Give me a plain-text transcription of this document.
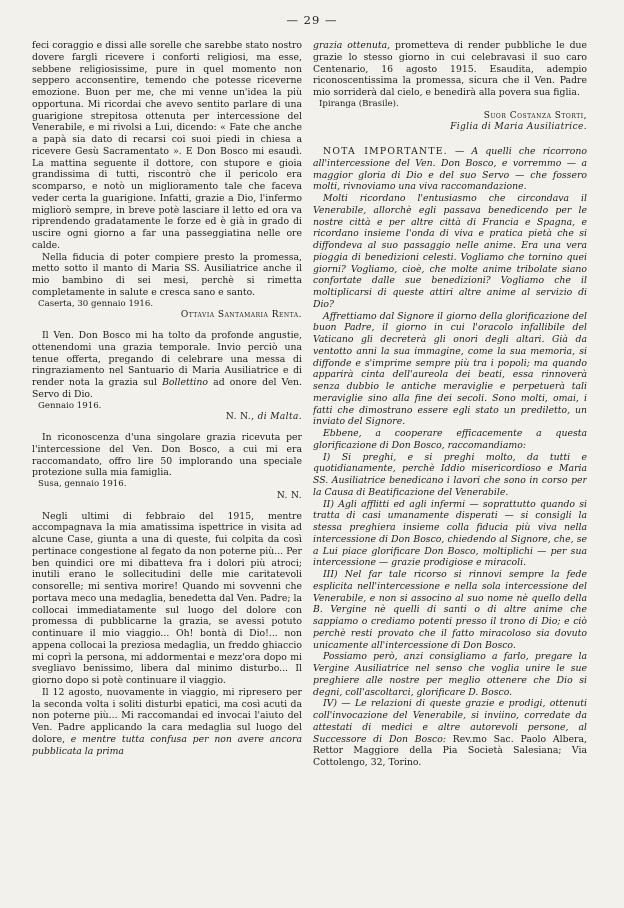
— 29 —

feci coraggio e dissi alle sorelle che sarebbe stato nostro dovere fargli ricevere i conforti religiosi, ma esse, sebbene religiosissime, pure in quel momento non seppero acconsentire, temendo che potesse riceverne emozione. Buon per me, che mi venne un'idea la più opportuna. Mi ricordai che avevo sentito parlare di una guarigione strepitosa ottenuta per intercessione del Venerabile, e mi rivolsi a Lui, dicendo: « Fate che anche a papà sia dato di recarsi coi suoi piedi in chiesa a ricevere Gesù Sacramentato ». E Don Bosco mi esaudì. La mattina seguente il dottore, con stupore e gioia grandissima di tutti, riscontrò che il pericolo era scomparso, e notò un miglioramento tale che faceva veder certa la guarigione. Infatti, grazie a Dio, l'infermo migliorò sempre, in breve potè lasciare il letto ed ora va riprendendo gradatamente le forze ed è già in grado di uscire ogni giorno a far una passeggiatina nelle ore calde.

Nella fiducia di poter compiere presto la promessa, metto sotto il manto di Maria SS. Ausiliatrice anche il mio bambino di sei mesi, perchè si rimetta completamente in salute e cresca sano e santo.

Caserta, 30 gennaio 1916.

Ottavia Santamaria Renta.

Il Ven. Don Bosco mi ha tolto da profonde angustie, ottenendomi una grazia temporale. Invio perciò una tenue offerta, pregando di celebrare una messa di ringraziamento nel Santuario di Maria Ausiliatrice e di render nota la grazia sul Bollettino ad onore del Ven. Servo di Dio.

Gennaio 1916.

N. N., di Malta.

In riconoscenza d'una singolare grazia ricevuta per l'intercessione del Ven. Don Bosco, a cui mi era raccomandato, offro lire 50 implorando una speciale protezione sulla mia famiglia.

Susa, gennaio 1916.

N. N.

Negli ultimi di febbraio del 1915, mentre accompagnava la mia amatissima ispettrice in visita ad alcune Case, giunta a una di queste, fui colpita da così pertinace congestione al fegato da non poterne più... Per ben quindici ore mi dibatteva fra i dolori più atroci; inutili erano le sollecitudini delle mie caritatevoli consorelle; mi sentiva morire! Quando mi sovvenni che portava meco una medaglia, benedetta dal Ven. Padre; la collocai immediatamente sul luogo del dolore con promessa di pubblicarne la grazia, se avessi potuto continuare il mio viaggio... Oh! bontà di Dio!... non appena collocai la preziosa medaglia, un freddo ghiaccio mi coprì la persona, mi addormentai e mezz'ora dopo mi svegliavo benissimo, libera dal minimo disturbo... Il giorno dopo si potè continuare il viaggio.

Il 12 agosto, nuovamente in viaggio, mi ripresero per la seconda volta i soliti disturbi epatici, ma così acuti da non poterne più... Mi raccomandai ed invocai l'aiuto del Ven. Padre applicando la cara medaglia sul luogo del dolore, e mentre tutta confusa per non avere ancora pubblicata la prima

grazia ottenuta, prometteva di render pubbliche le due grazie lo stesso giorno in cui celebravasi il suo caro Centenario, 16 agosto 1915. Esaudita, adempio riconoscentissima la promessa, sicura che il Ven. Padre mio sorriderà dal cielo, e benedirà alla povera sua figlia.

Ipiranga (Brasile).

Suor Costanza Storti,

Figlia di Maria Ausiliatrice.

NOTA IMPORTANTE. — A quelli che ricorrono all'intercessione del Ven. Don Bosco, e vorremmo — a maggior gloria di Dio e del suo Servo — che fossero molti, rivnoviamo una viva raccomandazione.

Molti ricordano l'entusiasmo che circondava il Venerabile, allorchè egli passava benedicendo per le nostre città e per altre città di Francia e Spagna, e ricordano insieme l'onda di viva e pratica pietà che si diffondeva al suo passaggio nelle anime. Era una vera pioggia di benedizioni celesti. Vogliamo che tornino quei giorni? Vogliamo, cioè, che molte anime tribolate siano confortate dalle sue benedizioni? Vogliamo che il moltiplicarsi di queste attiri altre anime al servizio di Dio?

Affrettiamo dal Signore il giorno della glorificazione del buon Padre, il giorno in cui l'oracolo infallibile del Vaticano gli decreterà gli onori degli altari. Già da ventotto anni la sua immagine, come la sua memoria, si diffonde e s'imprime sempre più tra i popoli; ma quando apparirà cinta dell'aureola dei beati, essa rinnoverà senza dubbio le antiche meraviglie e perpetuerà tali meraviglie sino alla fine dei secoli. Sono molti, omai, i fatti che dimostrano essere egli stato un prediletto, un inviato del Signore.

Ebbene, a cooperare efficacemente a questa glorificazione di Don Bosco, raccomandiamo:

I) Si preghi, e si preghi molto, da tutti e quotidianamente, perchè Iddio misericordioso e Maria SS. Ausiliatrice benedicano i lavori che sono in corso per la Causa di Beatificazione del Venerabile.

II) Agli afflitti ed agli infermi — soprattutto quando si tratta di casi umanamente disperati — si consigli la stessa preghiera insieme colla fiducia più viva nella intercessione di Don Bosco, chiedendo al Signore, che, se a Lui piace glorificare Don Bosco, moltiplichi — per sua intercessione — grazie prodigiose e miracoli.

III) Nel far tale ricorso si rinnovi sempre la fede esplicita nell'intercessione e nella sola intercessione del Venerabile, e non si associno al suo nome nè quello della B. Vergine nè quelli di santi o di altre anime che sappiamo o crediamo potenti presso il trono di Dio; e ciò perchè resti provato che il fatto miracoloso sia dovuto unicamente all'intercessione di Don Bosco.

Possiamo però, anzi consigliamo a farlo, pregare la Vergine Ausiliatrice nel senso che voglia unire le sue preghiere alle nostre per meglio ottenere che Dio si degni, coll'ascoltarci, glorificare D. Bosco.

IV) — Le relazioni di queste grazie e prodigi, ottenuti coll'invocazione del Venerabile, si inviino, corredate da attestati di medici e altre autorevoli persone, al Successore di Don Bosco: Rev.mo Sac. Paolo Albera, Rettor Maggiore della Pia Società Salesiana; Via Cottolengo, 32, Torino.
